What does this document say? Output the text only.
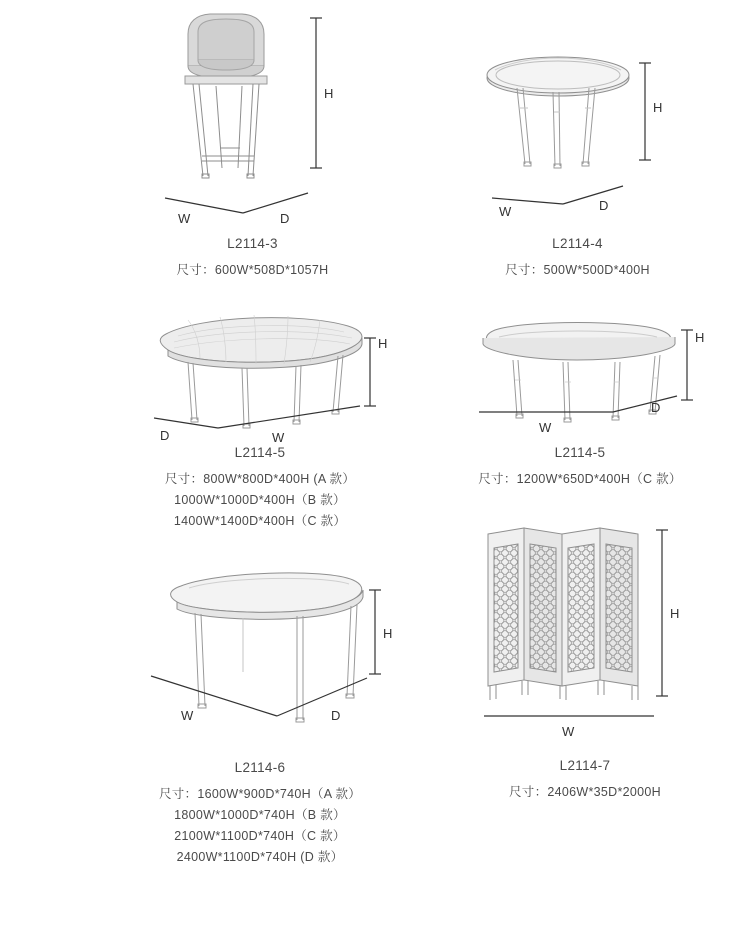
H
W	D
L2114-3
尺寸：600W*508D*1057H
H
W	D
L2114-4
尺寸：500W*500D*400H
H
D	W
L2114-5
尺寸：800W*800D*400H (A 款）
1000W*1000D*400H（B 款）
1400W*1400D*400H（C 款）
H
W
D
L2114-5
尺寸：1200W*650D*400H（C 款）
H
W	D
L2114-6
尺寸：1600W*900D*740H（A 款）
1800W*1000D*740H（B 款）
2100W*1100D*740H（C 款）
2400W*1100D*740H (D 款）
H
W
L2114-7
尺寸：2406W*35D*2000H
